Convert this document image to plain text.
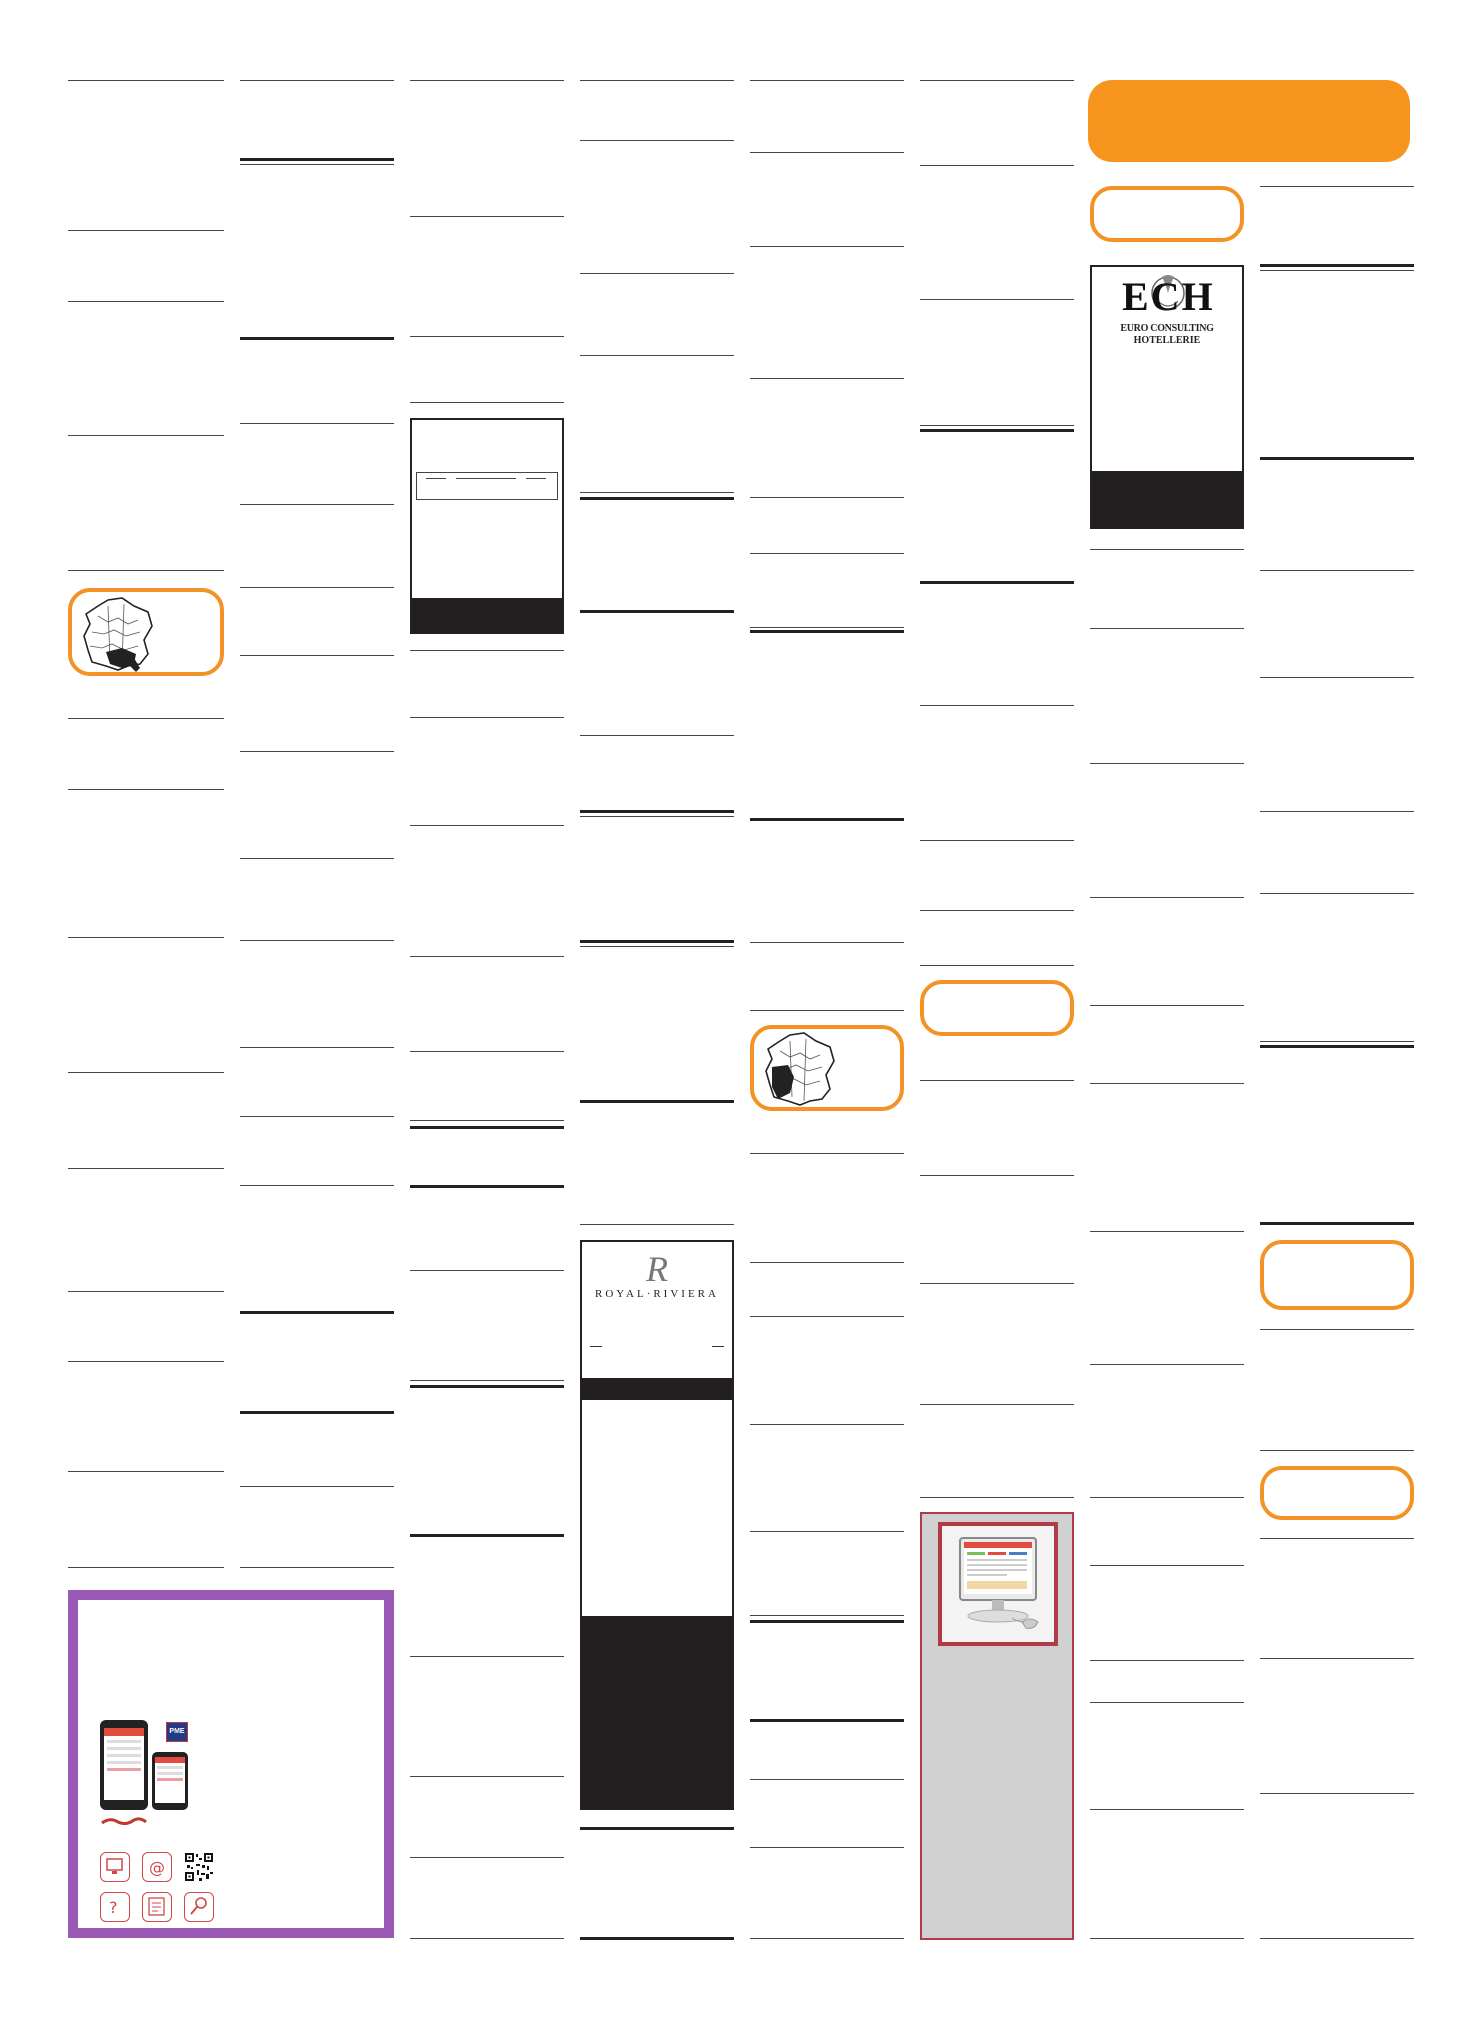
PME
@
?
R
ROYAL·RIVIERA
ECH
EURO CONSULTING
HOTELLERIE
